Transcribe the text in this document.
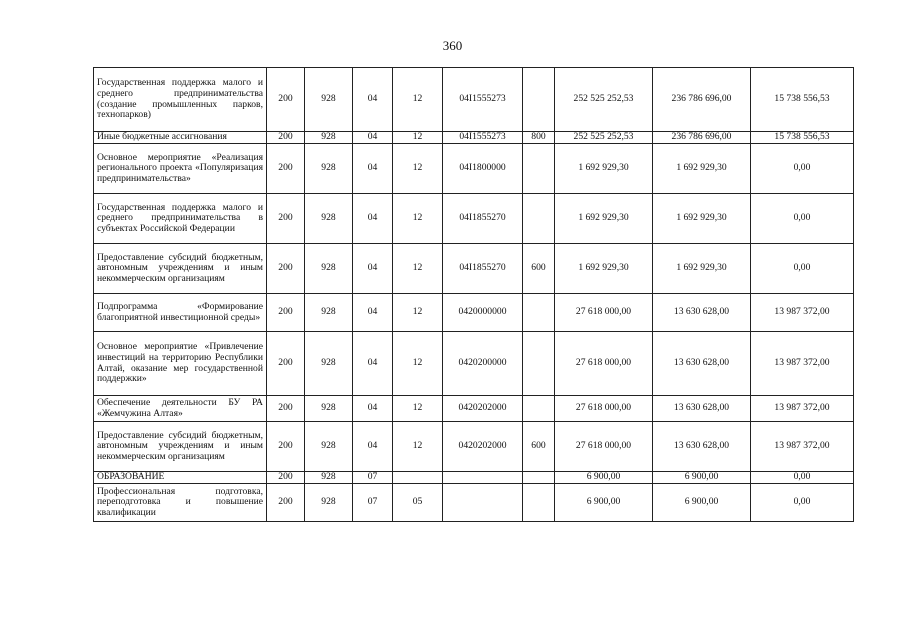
360
Государственная поддержка малого и среднего предпринимательства (создание промышленных парков, технопарков)	200	928	04	12	04I1555273		252 525 252,53	236 786 696,00	15 738 556,53
Иные бюджетные ассигнования	200	928	04	12	04I1555273	800	252 525 252,53	236 786 696,00	15 738 556,53
Основное мероприятие «Реализация регионального проекта «Популяризация предпринимательства»	200	928	04	12	04I1800000		1 692 929,30	1 692 929,30	0,00
Государственная поддержка малого и среднего предпринимательства в субъектах Российской Федерации	200	928	04	12	04I1855270		1 692 929,30	1 692 929,30	0,00
Предоставление субсидий бюджетным, автономным учреждениям и иным некоммерческим организациям	200	928	04	12	04I1855270	600	1 692 929,30	1 692 929,30	0,00
Подпрограмма «Формирование благоприятной инвестиционной среды»	200	928	04	12	0420000000		27 618 000,00	13 630 628,00	13 987 372,00
Основное мероприятие «Привлечение инвестиций на территорию Республики Алтай, оказание мер государственной поддержки»	200	928	04	12	0420200000		27 618 000,00	13 630 628,00	13 987 372,00
Обеспечение деятельности БУ РА «Жемчужина Алтая»	200	928	04	12	0420202000		27 618 000,00	13 630 628,00	13 987 372,00
Предоставление субсидий бюджетным, автономным учреждениям и иным некоммерческим организациям	200	928	04	12	0420202000	600	27 618 000,00	13 630 628,00	13 987 372,00
ОБРАЗОВАНИЕ	200	928	07				6 900,00	6 900,00	0,00
Профессиональная подготовка, переподготовка и повышение квалификации	200	928	07	05			6 900,00	6 900,00	0,00
